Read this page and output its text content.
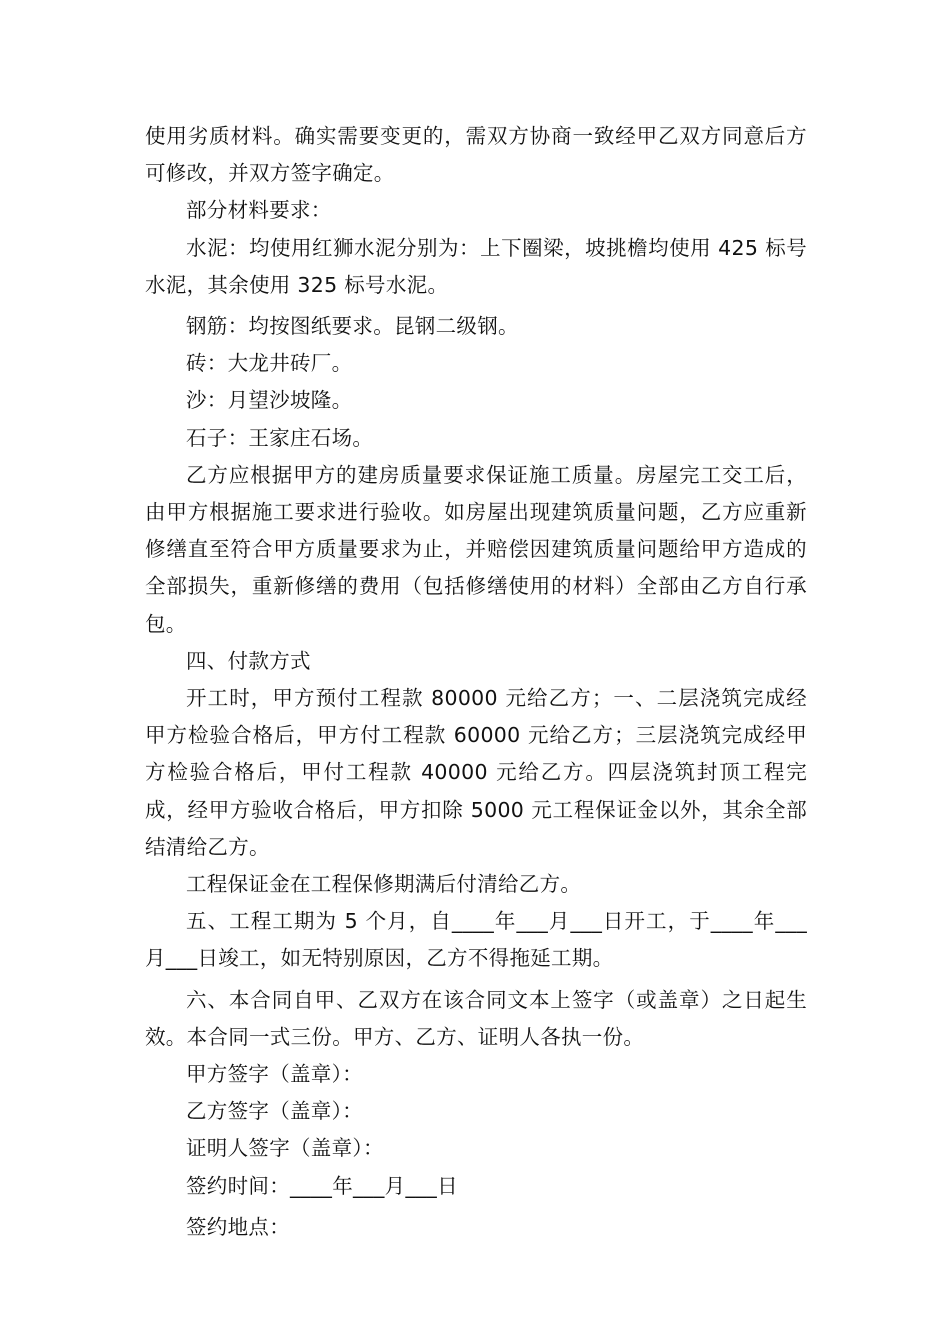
使用劣质材料。确实需要变更的，需双方协商一致经甲乙双方同意后方可修改，并双方签字确定。

部分材料要求：

水泥：均使用红狮水泥分别为：上下圈梁，坡挑檐均使用 425 标号水泥，其余使用 325 标号水泥。

钢筋：均按图纸要求。昆钢二级钢。

砖：大龙井砖厂。

沙：月望沙坡隆。

石子：王家庄石场。

乙方应根据甲方的建房质量要求保证施工质量。房屋完工交工后，由甲方根据施工要求进行验收。如房屋出现建筑质量问题，乙方应重新修缮直至符合甲方质量要求为止，并赔偿因建筑质量问题给甲方造成的全部损失，重新修缮的费用（包括修缮使用的材料）全部由乙方自行承包。

四、付款方式

开工时，甲方预付工程款 80000 元给乙方；一、二层浇筑完成经甲方检验合格后，甲方付工程款 60000 元给乙方；三层浇筑完成经甲方检验合格后，甲付工程款 40000 元给乙方。四层浇筑封顶工程完成，经甲方验收合格后，甲方扣除 5000 元工程保证金以外，其余全部结清给乙方。

工程保证金在工程保修期满后付清给乙方。

五、工程工期为 5 个月，自____年___月___日开工，于____年___月___日竣工，如无特别原因，乙方不得拖延工期。

六、本合同自甲、乙双方在该合同文本上签字（或盖章）之日起生效。本合同一式三份。甲方、乙方、证明人各执一份。

甲方签字（盖章）：

乙方签字（盖章）：

证明人签字（盖章）：

签约时间：____年___月___日

签约地点：
